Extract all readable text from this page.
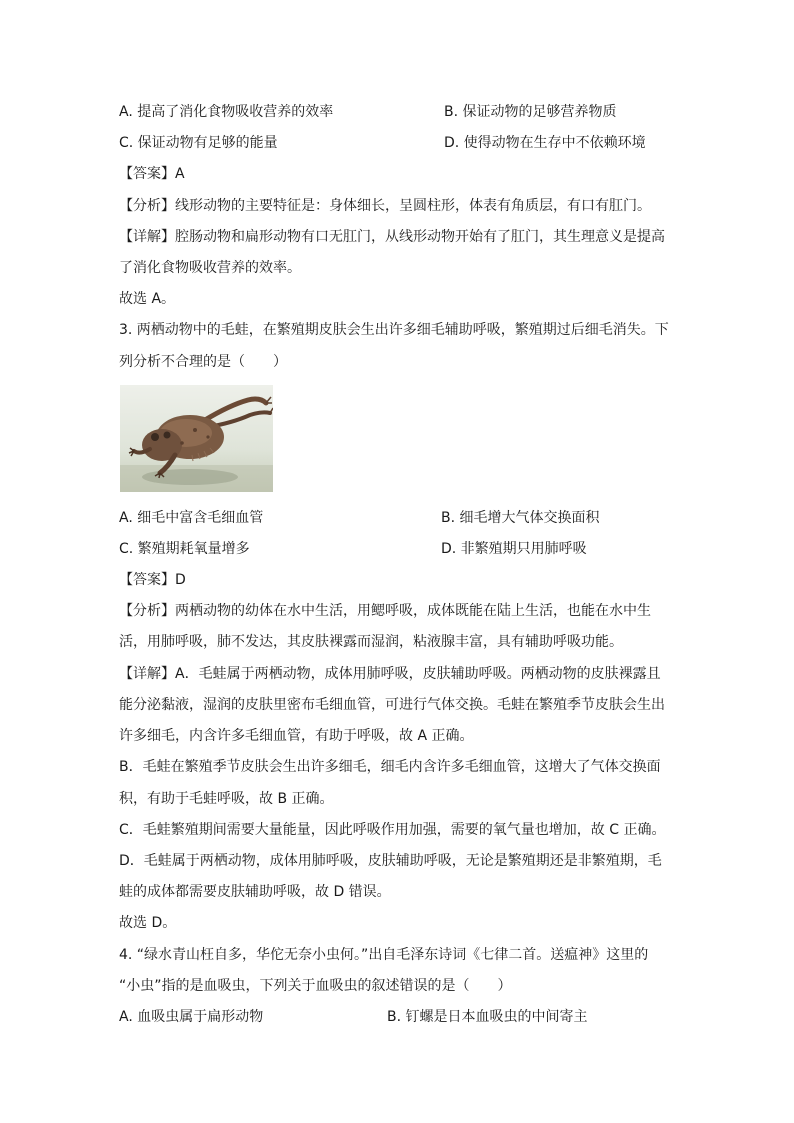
A. 提高了消化食物吸收营养的效率	B. 保证动物的足够营养物质
C. 保证动物有足够的能量	D. 使得动物在生存中不依赖环境
【答案】A
【分析】线形动物的主要特征是：身体细长，呈圆柱形，体表有角质层，有口有肛门。
【详解】腔肠动物和扁形动物有口无肛门，从线形动物开始有了肛门，其生理意义是提高
了消化食物吸收营养的效率。
故选 A。
3. 两栖动物中的毛蛙，在繁殖期皮肤会生出许多细毛辅助呼吸，繁殖期过后细毛消失。下
列分析不合理的是（　　）
A. 细毛中富含毛细血管	B. 细毛增大气体交换面积
C. 繁殖期耗氧量增多	D. 非繁殖期只用肺呼吸
【答案】D
【分析】两栖动物的幼体在水中生活，用鳃呼吸，成体既能在陆上生活，也能在水中生
活，用肺呼吸，肺不发达，其皮肤裸露而湿润，粘液腺丰富，具有辅助呼吸功能。
【详解】A．毛蛙属于两栖动物，成体用肺呼吸，皮肤辅助呼吸。两栖动物的皮肤裸露且
能分泌黏液，湿润的皮肤里密布毛细血管，可进行气体交换。毛蛙在繁殖季节皮肤会生出
许多细毛，内含许多毛细血管，有助于呼吸，故 A 正确。
B．毛蛙在繁殖季节皮肤会生出许多细毛，细毛内含许多毛细血管，这增大了气体交换面
积，有助于毛蛙呼吸，故 B 正确。
C．毛蛙繁殖期间需要大量能量，因此呼吸作用加强，需要的氧气量也增加，故 C 正确。
D．毛蛙属于两栖动物，成体用肺呼吸，皮肤辅助呼吸，无论是繁殖期还是非繁殖期，毛
蛙的成体都需要皮肤辅助呼吸，故 D 错误。
故选 D。
4. “绿水青山枉自多，华佗无奈小虫何。”出自毛泽东诗词《七律二首。送瘟神》这里的
“小虫”指的是血吸虫，下列关于血吸虫的叙述错误的是（　　）
A. 血吸虫属于扁形动物	B. 钉螺是日本血吸虫的中间寄主
